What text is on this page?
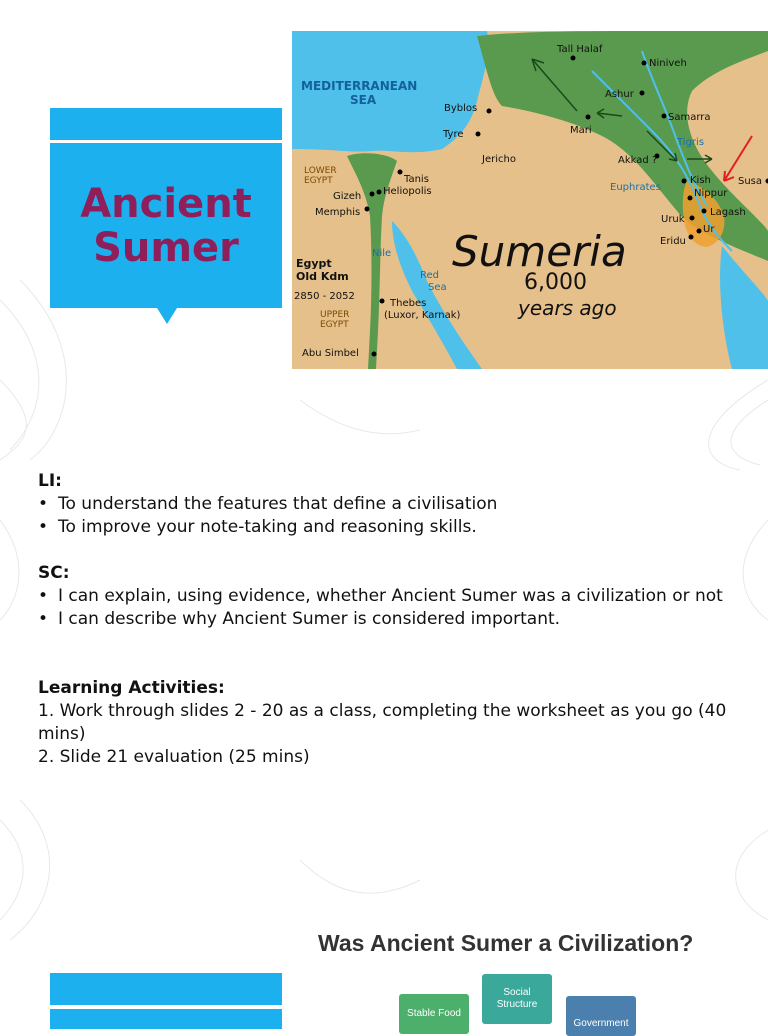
Ancient
Sumer
Tall Halaf
Niniveh
Ashur
Byblos
Samarra
Tyre	Mari
Jericho	Akkad ?
Tanis	Kish	Susa
Nippur
Gizeh Heliopolis
Lagash
Memphis
Uruk
Ur
Eridu
Thebes
(Luxor, Karnak)
Abu Simbel
2850 - 2052
Tigris
Euphrates
Nile
Red
Sea
LOWER
EGYPT
UPPER
EGYPT
Egypt
Old Kdm
MEDITERRANEAN
SEA
Sumeria
6,000
years ago
LI:
• To understand the features that define a civilisation
• To improve your note-taking and reasoning skills.
SC:
• I can explain, using evidence, whether Ancient Sumer was a civilization or not
• I can describe why Ancient Sumer is considered important.
Learning Activities:
1. Work through slides 2 - 20 as a class, completing the worksheet as you go (40 mins)
2. Slide 21 evaluation (25 mins)
Was Ancient Sumer a Civilization?
Stable Food
Social
Structure
Government
